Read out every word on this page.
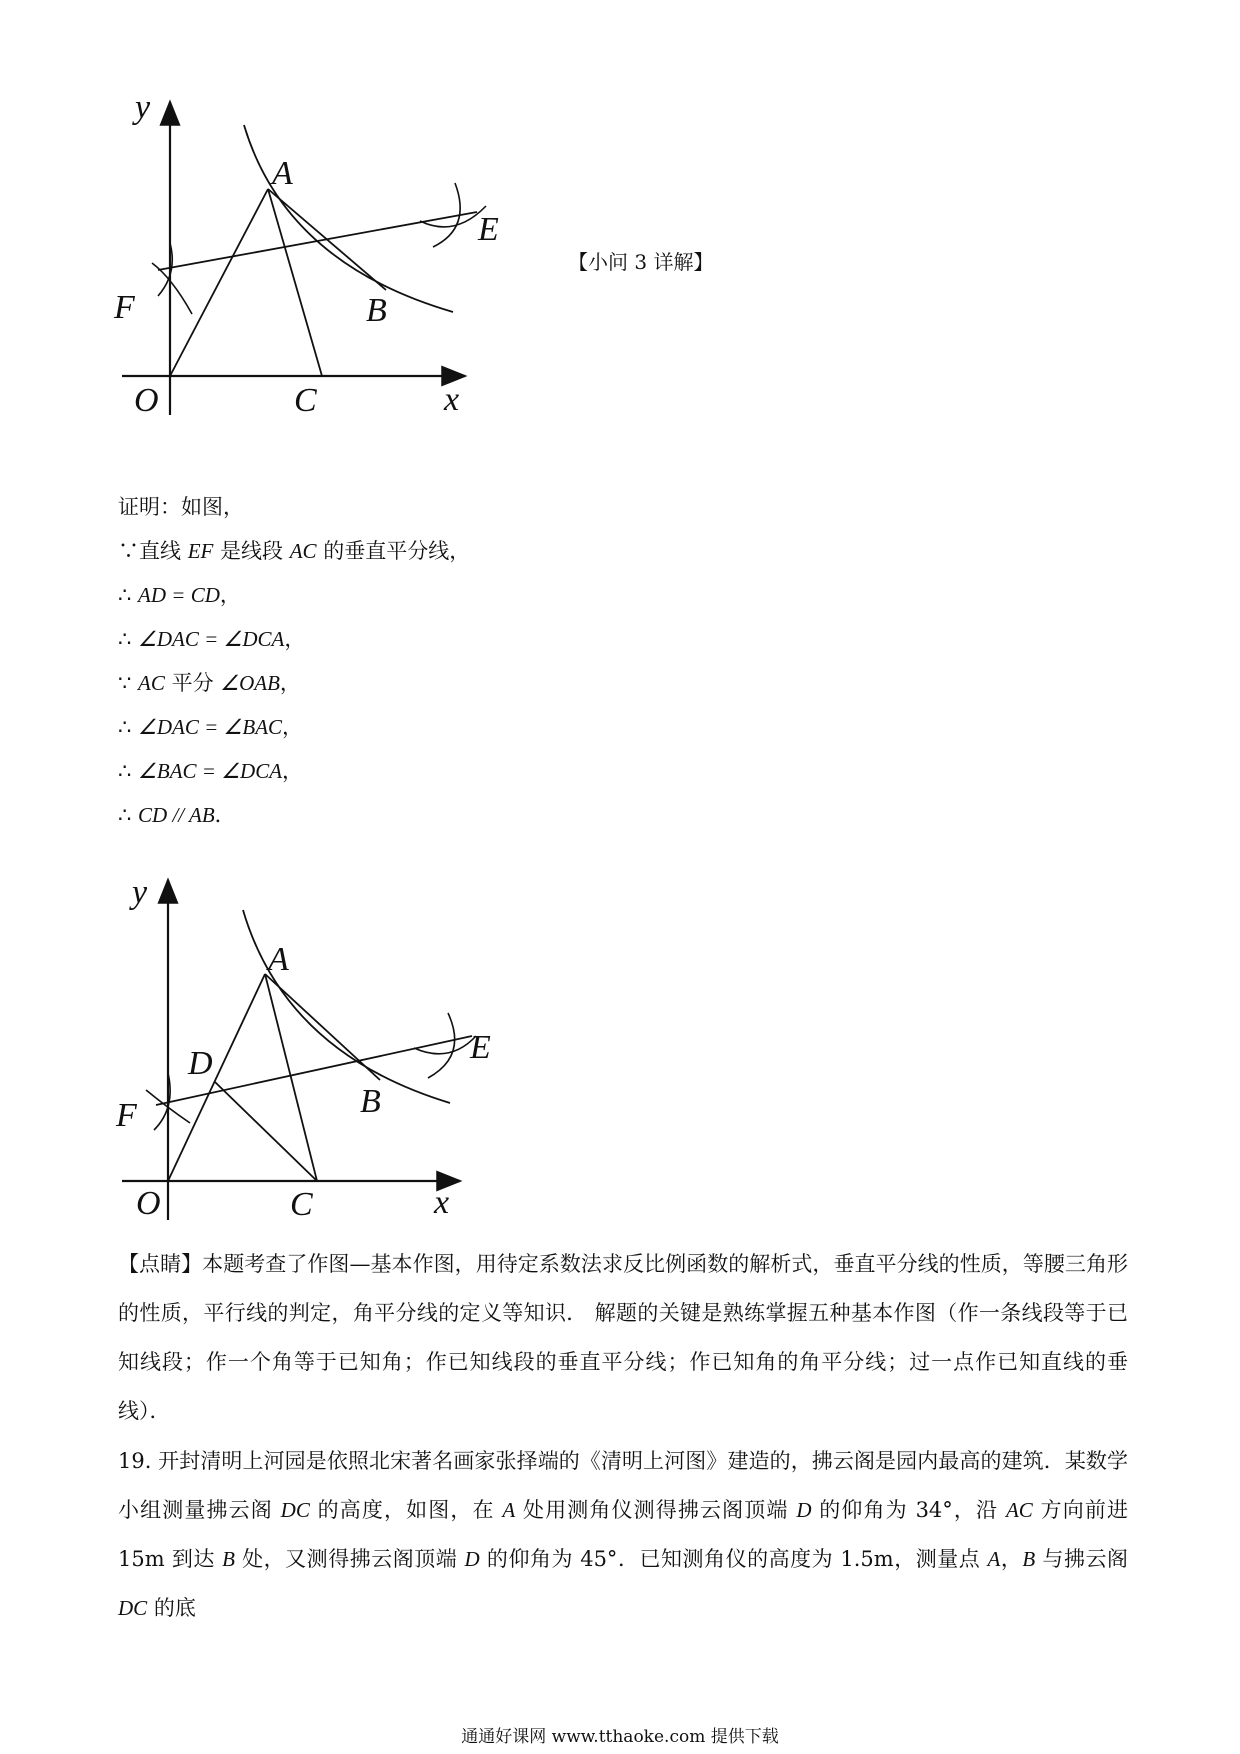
y
x
O
A
B
C
E
F
【小问 3 详解】
证明：如图，
∵直线 EF 是线段 AC 的垂直平分线，
∴ AD = CD，
∴ ∠DAC = ∠DCA，
∵ AC 平分 ∠OAB，
∴ ∠DAC = ∠BAC，
∴ ∠BAC = ∠DCA，
∴ CD // AB．
y
x
O
A
B
C
D	E
F
【点睛】本题考查了作图—基本作图，用待定系数法求反比例函数的解析式，垂直平分线的性质，等腰三角形的性质，平行线的判定，角平分线的定义等知识． 解题的关键是熟练掌握五种基本作图（作一条线段等于已知线段；作一个角等于已知角；作已知线段的垂直平分线；作已知角的角平分线；过一点作已知直线的垂线）．
19. 开封清明上河园是依照北宋著名画家张择端的《清明上河图》建造的，拂云阁是园内最高的建筑．某数学小组测量拂云阁 DC 的高度，如图，在 A 处用测角仪测得拂云阁顶端 D 的仰角为 34°，沿 AC 方向前进 15m 到达 B 处，又测得拂云阁顶端 D 的仰角为 45°．已知测角仪的高度为 1.5m，测量点 A，B 与拂云阁 DC 的底
通通好课网 www.tthaoke.com 提供下载
